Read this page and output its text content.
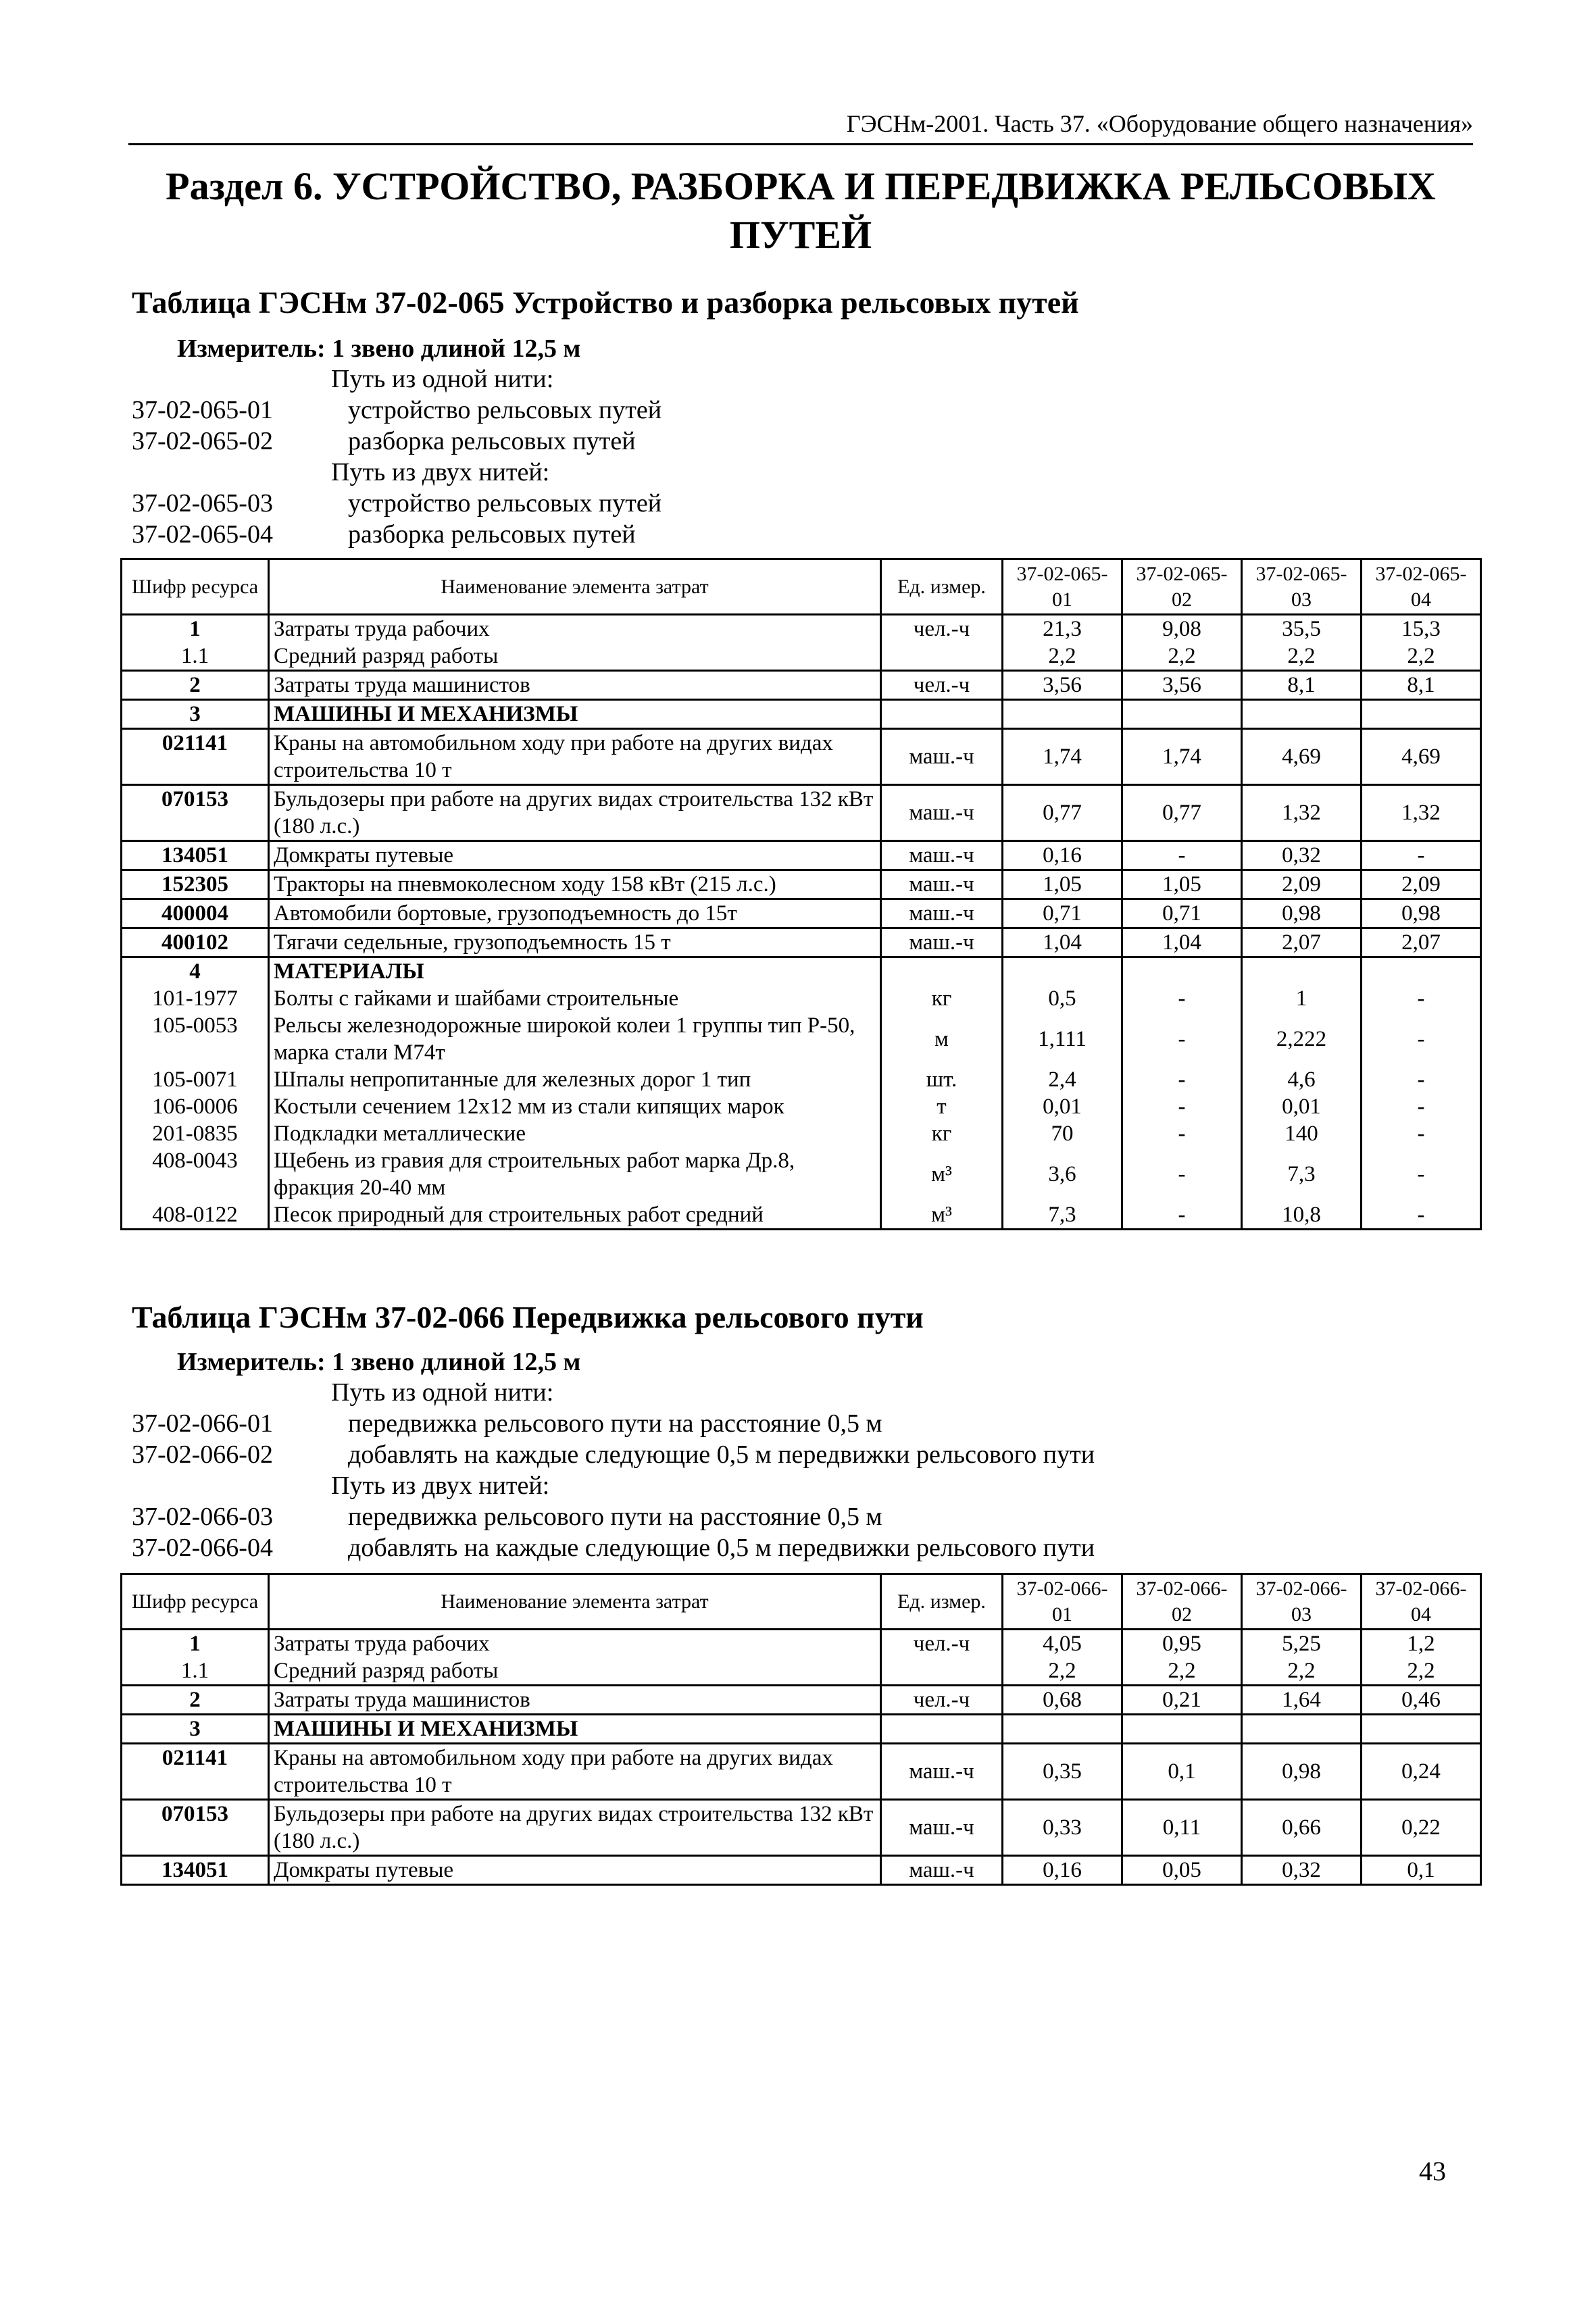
ГЭСНм-2001. Часть 37. «Оборудование общего назначения»
Раздел 6. УСТРОЙСТВО, РАЗБОРКА И ПЕРЕДВИЖКА РЕЛЬСОВЫХ ПУТЕЙ
Таблица ГЭСНм 37-02-065 Устройство и разборка рельсовых путей
Измеритель: 1 звено длиной 12,5 м
Путь из одной нити:
37-02-065-01	устройство рельсовых путей
37-02-065-02	разборка рельсовых путей
Путь из двух нитей:
37-02-065-03	устройство рельсовых путей
37-02-065-04	разборка рельсовых путей
Шифр ресурса	Наименование элемента затрат	Ед. измер.	37-02-065-01	37-02-065-02	37-02-065-03	37-02-065-04
1	Затраты труда рабочих	чел.-ч	21,3	9,08	35,5	15,3
1.1	Средний разряд работы		2,2	2,2	2,2	2,2
2	Затраты труда машинистов	чел.-ч	3,56	3,56	8,1	8,1
3	МАШИНЫ И МЕХАНИЗМЫ					
021141	Краны на автомобильном ходу при работе на других видах строительства 10 т	маш.-ч	1,74	1,74	4,69	4,69
070153	Бульдозеры при работе на других видах строительства 132 кВт (180 л.с.)	маш.-ч	0,77	0,77	1,32	1,32
134051	Домкраты путевые	маш.-ч	0,16	-	0,32	-
152305	Тракторы на пневмоколесном ходу 158 кВт (215 л.с.)	маш.-ч	1,05	1,05	2,09	2,09
400004	Автомобили бортовые, грузоподъемность до 15т	маш.-ч	0,71	0,71	0,98	0,98
400102	Тягачи седельные, грузоподъемность 15 т	маш.-ч	1,04	1,04	2,07	2,07
4	МАТЕРИАЛЫ					
101-1977	Болты с гайками и шайбами строительные	кг	0,5	-	1	-
105-0053	Рельсы железнодорожные широкой колеи 1 группы тип Р-50, марка стали М74т	м	1,111	-	2,222	-
105-0071	Шпалы непропитанные для железных дорог 1 тип	шт.	2,4	-	4,6	-
106-0006	Костыли сечением 12х12 мм из стали кипящих марок	т	0,01	-	0,01	-
201-0835	Подкладки металлические	кг	70	-	140	-
408-0043	Щебень из гравия для строительных работ марка Др.8, фракция 20-40 мм	м³	3,6	-	7,3	-
408-0122	Песок природный для строительных работ средний	м³	7,3	-	10,8	-
Таблица ГЭСНм 37-02-066 Передвижка рельсового пути
Измеритель: 1 звено длиной 12,5 м
Путь из одной нити:
37-02-066-01	передвижка рельсового пути на расстояние 0,5 м
37-02-066-02	добавлять на каждые следующие 0,5 м передвижки рельсового пути
Путь из двух нитей:
37-02-066-03	передвижка рельсового пути на расстояние 0,5 м
37-02-066-04	добавлять на каждые следующие 0,5 м передвижки рельсового пути
Шифр ресурса	Наименование элемента затрат	Ед. измер.	37-02-066-01	37-02-066-02	37-02-066-03	37-02-066-04
1	Затраты труда рабочих	чел.-ч	4,05	0,95	5,25	1,2
1.1	Средний разряд работы		2,2	2,2	2,2	2,2
2	Затраты труда машинистов	чел.-ч	0,68	0,21	1,64	0,46
3	МАШИНЫ И МЕХАНИЗМЫ					
021141	Краны на автомобильном ходу при работе на других видах строительства 10 т	маш.-ч	0,35	0,1	0,98	0,24
070153	Бульдозеры при работе на других видах строительства 132 кВт (180 л.с.)	маш.-ч	0,33	0,11	0,66	0,22
134051	Домкраты путевые	маш.-ч	0,16	0,05	0,32	0,1
43
